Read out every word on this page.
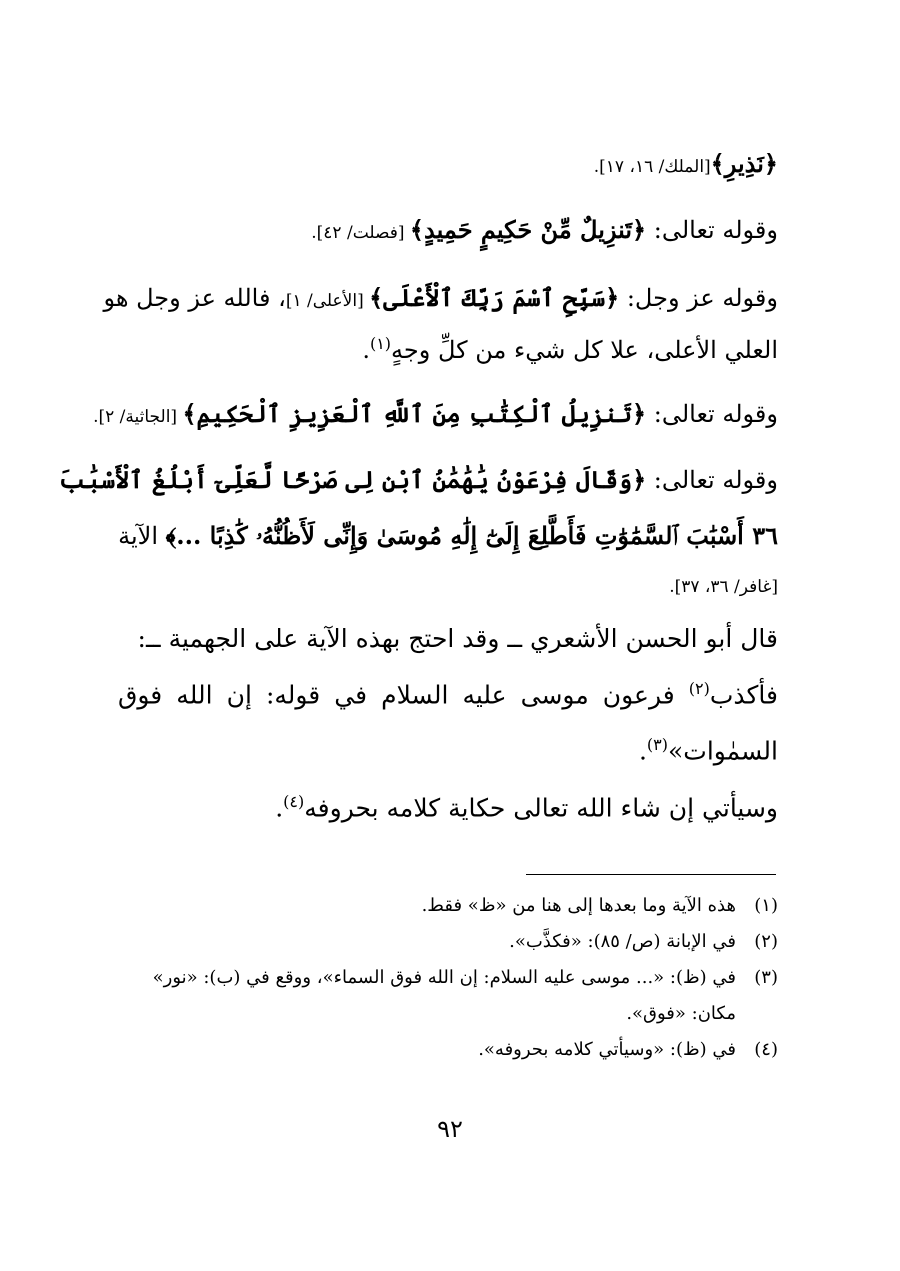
﴿نَذِيرِ﴾[الملك/ ١٦، ١٧].
وقوله تعالى: ﴿تَنزِيلٌ مِّنْ حَكِيمٍ حَمِيدٍ﴾ [فصلت/ ٤٢].
وقوله عز وجل: ﴿سَبِّحِ ٱسْمَ رَبِّكَ ٱلْأَعْلَى﴾ [الأعلى/ ١]، فالله عز وجل هو
العلي الأعلى، علا كل شيء من كلِّ وجهٍ$^{(١)}$.
وقوله تعالى: ﴿تَنزِيلُ ٱلْكِتَٰبِ مِنَ ٱللَّهِ ٱلْعَزِيزِ ٱلْحَكِيمِ﴾ [الجاثية/ ٢].
وقوله تعالى: ﴿وَقَالَ فِرْعَوْنُ يَٰهَٰمَٰنُ ٱبْنِ لِى صَرْحًا لَّعَلِّىٓ أَبْلُغُ ٱلْأَسْبَٰبَ
٣٦ أَسْبَٰبَ ٱلسَّمَٰوَٰتِ فَأَطَّلِعَ إِلَىٰٓ إِلَٰهِ مُوسَىٰ وَإِنِّى لَأَظُنُّهُۥ كَٰذِبًا ...﴾ الآية
[غافر/ ٣٦، ٣٧].
قال أبو الحسن الأشعري ــ وقد احتج بهذه الآية على الجهمية ــ:
فأكذب$^{(٢)}$ فرعون موسى عليه السلام في قوله: إن الله فوق السمٰوات»$^{(٣)}$.
وسيأتي إن شاء الله تعالى حكاية كلامه بحروفه$^{(٤)}$.
(١)هذه الآية وما بعدها إلى هنا من «ظ» فقط.
(٢)في الإبانة (ص/ ٨٥): «فكذَّب».
(٣)في (ظ): «... موسى عليه السلام: إن الله فوق السماء»، ووقع في (ب): «نور»
مكان: «فوق».
(٤)في (ظ): «وسيأتي كلامه بحروفه».
٩٢
